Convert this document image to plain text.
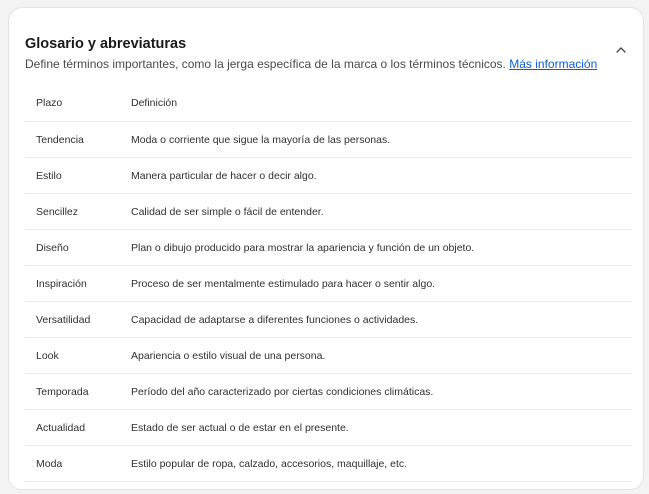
Glosario y abreviaturas
Define términos importantes, como la jerga específica de la marca o los términos técnicos. Más información
Plazo	Definición
Tendencia	Moda o corriente que sigue la mayoría de las personas.
Estilo	Manera particular de hacer o decir algo.
Sencillez	Calidad de ser simple o fácil de entender.
Diseño	Plan o dibujo producido para mostrar la apariencia y función de un objeto.
Inspiración	Proceso de ser mentalmente estimulado para hacer o sentir algo.
Versatilidad	Capacidad de adaptarse a diferentes funciones o actividades.
Look	Apariencia o estilo visual de una persona.
Temporada	Período del año caracterizado por ciertas condiciones climáticas.
Actualidad	Estado de ser actual o de estar en el presente.
Moda	Estilo popular de ropa, calzado, accesorios, maquillaje, etc.
